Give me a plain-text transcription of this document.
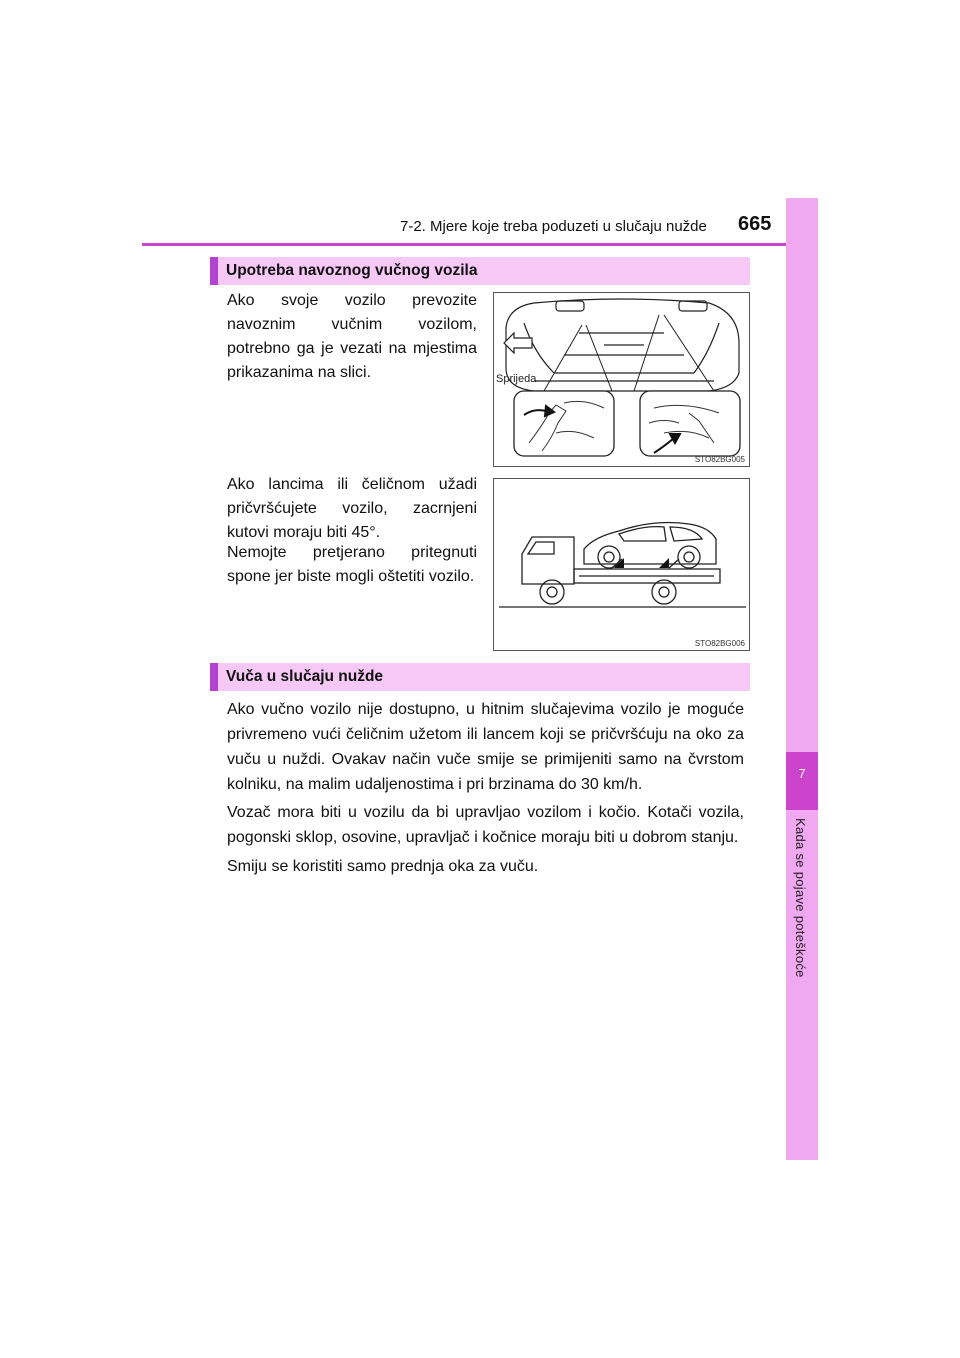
7-2. Mjere koje treba poduzeti u slučaju nužde 665
7
Kada se pojave poteškoće
Upotreba navoznog vučnog vozila
Ako svoje vozilo prevozite navoznim vučnim vozilom, potrebno ga je vezati na mjestima prikazanima na slici.
Ako lancima ili čeličnom užadi pričvršćujete vozilo, zacrnjeni kutovi moraju biti 45°.
Nemojte pretjerano pritegnuti spone jer biste mogli oštetiti vozilo.
Sprijeda
STO82BG005
STO82BG006
Vuča u slučaju nužde
Ako vučno vozilo nije dostupno, u hitnim slučajevima vozilo je moguće privremeno vući čeličnim užetom ili lancem koji se pričvršćuju na oko za vuču u nuždi. Ovakav način vuče smije se primijeniti samo na čvrstom kolniku, na malim udaljenostima i pri brzinama do 30 km/h.
Vozač mora biti u vozilu da bi upravljao vozilom i kočio. Kotači vozila, pogonski sklop, osovine, upravljač i kočnice moraju biti u dobrom stanju.
Smiju se koristiti samo prednja oka za vuču.
